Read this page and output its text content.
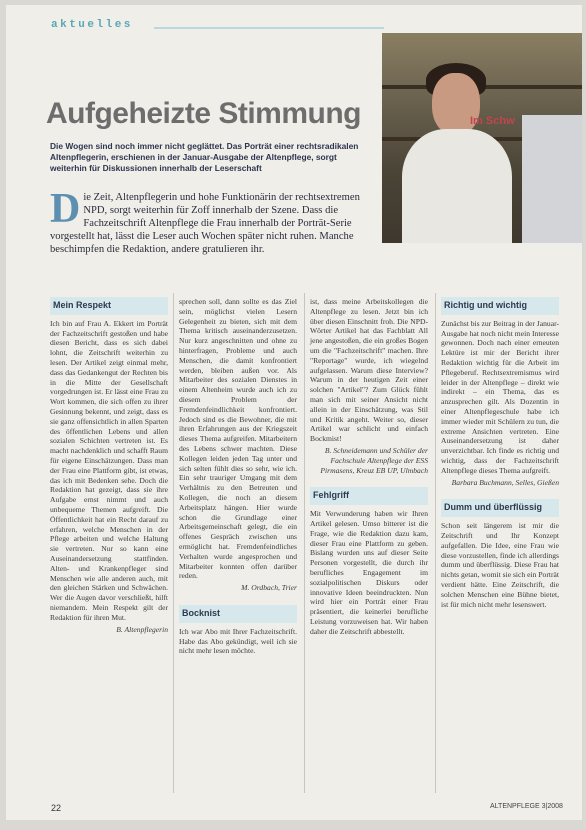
aktuelles
Im Schw
Aufgeheizte Stimmung
Die Wogen sind noch immer nicht geglättet. Das Porträt einer rechtsradikalen Altenpflegerin, erschienen in der Januar-Ausgabe der Altenpflege, sorgt weiterhin für Diskussionen innerhalb der Leserschaft
D ie Zeit, Altenpflegerin und hohe Funktionärin der rechtsextremen NPD, sorgt weiterhin für Zoff innerhalb der Szene. Dass die Fachzeitschrift Altenpflege die Frau innerhalb der Porträt-Serie vorgestellt hat, lässt die Leser auch Wochen später nicht ruhen. Manche beschimpfen die Redaktion, andere gratulieren ihr.
Mein Respekt

Ich bin auf Frau A. Ekkert im Porträt der Fachzeitschrift gestoßen und habe diesen Bericht, dass es sich dabei lohnt, die Zeitschrift weiterhin zu lesen. Der Artikel zeigt einmal mehr, dass das Gedankengut der Rechten bis in die Mitte der Gesellschaft vorgedrungen ist. Er lässt eine Frau zu Wort kommen, die sich offen zu ihrer Gesinnung bekennt, und zeigt, dass es sie ganz offensichtlich in allen Sparten des öffentlichen Lebens und allen sozialen Schichten vertreten ist. Es macht nachdenklich und schafft Raum für eigene Einschätzungen. Dass man der Frau eine Plattform gibt, ist etwas, das ich mit Bedenken sehe. Doch die Redaktion hat gezeigt, dass sie ihre Aufgabe ernst nimmt und auch unbequeme Themen aufgreift. Die Öffentlichkeit hat ein Recht darauf zu erfahren, welche Menschen in der Pflege arbeiten und welche Haltung sie vertreten. Nur so kann eine Auseinandersetzung stattfinden. Alten- und Krankenpfleger sind Menschen wie alle anderen auch, mit den gleichen Stärken und Schwächen. Wer die Augen davor verschließt, hilft niemandem. Mein Respekt gilt der Redaktion für ihren Mut.

B. Altenpflegerin

sprechen soll, dann sollte es das Ziel sein, möglichst vielen Lesern Gelegenheit zu bieten, sich mit dem Thema kritisch auseinanderzusetzen. Nur kurz angeschnitten und ohne zu hinterfragen, Probleme und auch Menschen, die damit konfrontiert werden, bleiben außen vor. Als Mitarbeiter des sozialen Dienstes in einem Altenheim wurde auch ich zu diesem Problem der Fremdenfeindlichkeit konfrontiert. Jedoch sind es die Bewohner, die mit ihren Erfahrungen aus der Kriegszeit dieses Thema aufgreifen. Mitarbeitern des Lebens schwer machten. Diese Kollegen leiden jeden Tag unter und sich selten fühlt dies so sehr, wie ich. Ein sehr trauriger Umgang mit dem Verhältnis zu den Betreuten und Kollegen, die noch an diesem Arbeitsplatz hängen. Hier wurde schon die Grundlage einer Arbeitsgemeinschaft gelegt, die ein offenes Gespräch zwischen uns ermöglicht hat. Fremdenfeindliches Verhalten wurde angesprochen und Mitarbeiter konnten offen darüber reden.

M. Ordbach, Trier

Bocknist

Ich war Abo mit Ihrer Fachzeitschrift. Habe das Abo gekündigt, weil ich sie nicht mehr lesen möchte.

ist, dass meine Arbeitskollegen die Altenpflege zu lesen. Jetzt bin ich über diesen Einschnitt froh. Die NPD-Wörter Artikel hat das Fachblatt All jene angestoßen, die ein großes Bogen um die "Fachzeitschrift" machen. Ihre "Reportage" wurde, ich wiegelnd aufgelassen. Warum diese Interview? Warum in der heutigen Zeit einer solchen "Artikel"? Zum Glück fühlt man sich mit seiner Ansicht nicht allein in der Einschätzung, was Stil und Kritik angeht. Weiter so, dieser Artikel war schlicht und einfach Bockmist!

B. Schneidemann und Schüler der Fachschule Altenpflege der ESS Pirmasens, Kreuz EB UP, Ulmbach

Fehlgriff

Mit Verwunderung haben wir Ihren Artikel gelesen. Umso bitterer ist die Frage, wie die Redaktion dazu kam, dieser Frau eine Plattform zu geben. Bislang wurden uns auf dieser Seite Personen vorgestellt, die durch ihr berufliches Engagement im sozialpolitischen Diskurs oder innovative Ideen beeindruckten. Nun wird hier ein Porträt einer Frau präsentiert, die keinerlei berufliche Leistung vorzuweisen hat. Wir haben daher die Zeitschrift abbestellt.

Richtig und wichtig

Zunächst bis zur Beitrag in der Januar-Ausgabe hat noch nicht mein Interesse gewonnen. Doch nach einer erneuten Lektüre ist mir der Bericht ihrer Redaktion wichtig für die Arbeit im Pflegeberuf. Rechtsextremismus wird leider in der Altenpflege – direkt wie indirekt – ein Thema, das es anzusprechen gilt. Als Dozentin in einer Altenpflegeschule habe ich immer wieder mit Schülern zu tun, die extreme Ansichten vertreten. Eine Auseinandersetzung ist daher unverzichtbar. Ich finde es richtig und wichtig, dass der Fachzeitschrift Altenpflege dieses Thema aufgreift.

Barbara Buchmann, Selles, Gießen

Dumm und überflüssig

Schon seit längerem ist mir die Zeitschrift und Ihr Konzept aufgefallen. Die Idee, eine Frau wie diese vorzustellen, finde ich allerdings dumm und überflüssig. Diese Frau hat nichts getan, womit sie sich ein Porträt verdient hätte. Eine Zeitschrift, die solchen Menschen eine Bühne bietet, ist für mich nicht mehr lesenswert.

22	ALTENPFLEGE 3|2008
